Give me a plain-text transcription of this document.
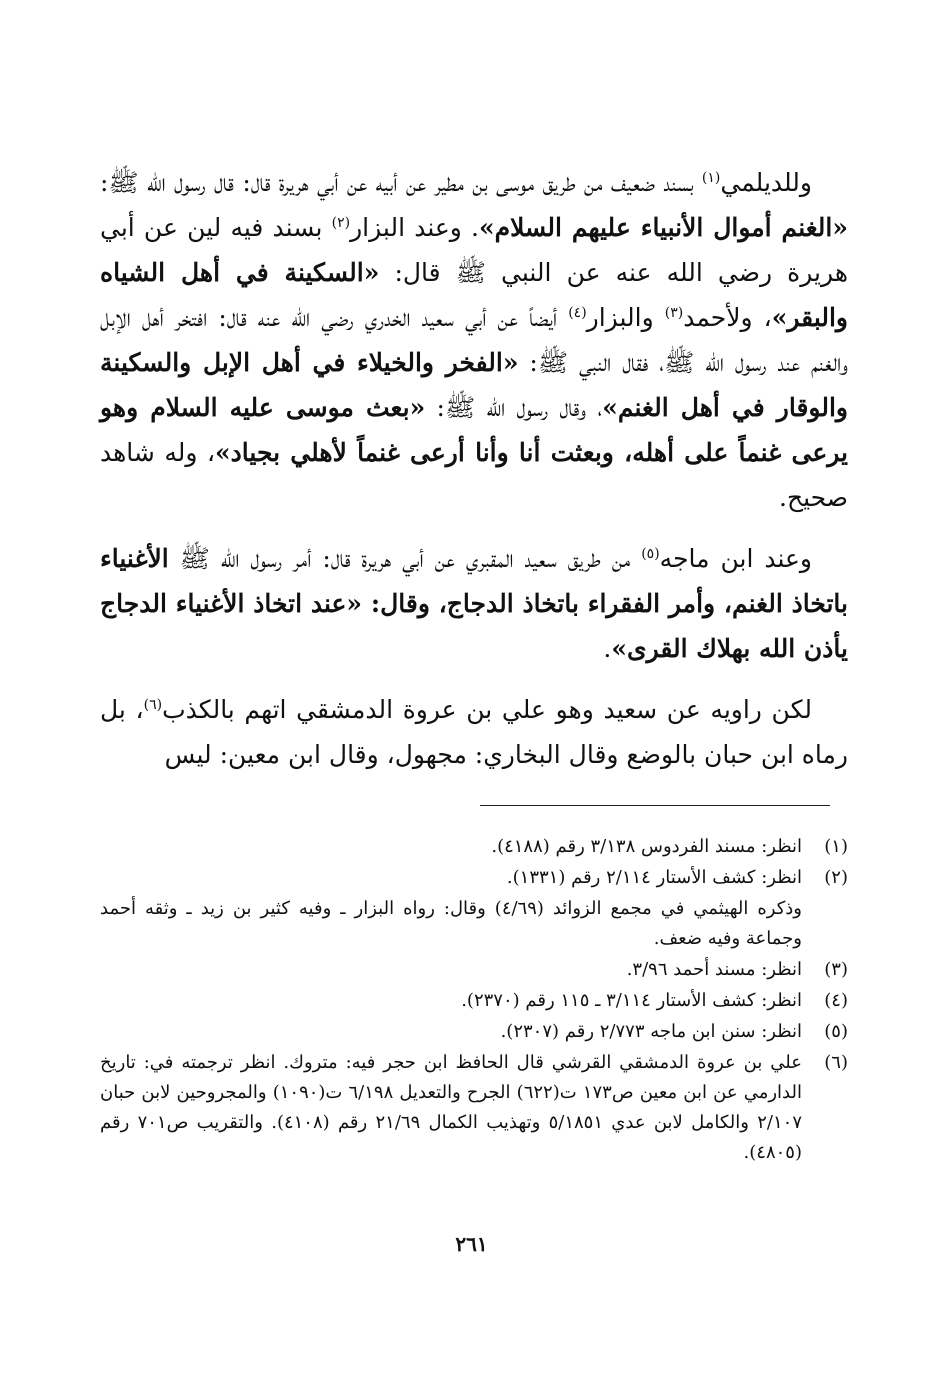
وللديلمي$^{(١)}$ بسند ضعيف من طريق موسى بن مطير عن أبيه عن أبي هريرة قال: قال رسول الله ﷺ: «الغنم أموال الأنبياء عليهم السلام». وعند البزار$^{(٢)}$ بسند فيه لين عن أبي هريرة رضي الله عنه عن النبي ﷺ قال: «السكينة في أهل الشياه والبقر»، ولأحمد$^{(٣)}$ والبزار$^{(٤)}$ أيضاً عن أبي سعيد الخدري رضي الله عنه قال: افتخر أهل الإبل والغنم عند رسول الله ﷺ، فقال النبي ﷺ: «الفخر والخيلاء في أهل الإبل والسكينة والوقار في أهل الغنم»، وقال رسول الله ﷺ: «بعث موسى عليه السلام وهو يرعى غنماً على أهله، وبعثت أنا وأنا أرعى غنماً لأهلي بجياد»، وله شاهد صحيح.

وعند ابن ماجه$^{(٥)}$ من طريق سعيد المقبري عن أبي هريرة قال: أمر رسول الله ﷺ الأغنياء باتخاذ الغنم، وأمر الفقراء باتخاذ الدجاج، وقال: «عند اتخاذ الأغنياء الدجاج يأذن الله بهلاك القرى».

لكن راويه عن سعيد وهو علي بن عروة الدمشقي اتهم بالكذب$^{(٦)}$، بل رماه ابن حبان بالوضع وقال البخاري: مجهول، وقال ابن معين: ليس

(١)
انظر: مسند الفردوس ٣/١٣٨ رقم (٤١٨٨).
(٢)
انظر: كشف الأستار ٢/١١٤ رقم (١٣٣١).
وذكره الهيثمي في مجمع الزوائد (٤/٦٩) وقال: رواه البزار ـ وفيه كثير بن زيد ـ وثقه أحمد وجماعة وفيه ضعف.
(٣)
انظر: مسند أحمد ٣/٩٦.
(٤)
انظر: كشف الأستار ٣/١١٤ ـ ١١٥ رقم (٢٣٧٠).
(٥)
انظر: سنن ابن ماجه ٢/٧٧٣ رقم (٢٣٠٧).
(٦)
علي بن عروة الدمشقي القرشي قال الحافظ ابن حجر فيه: متروك. انظر ترجمته في: تاريخ الدارمي عن ابن معين ص١٧٣ ت(٦٢٢) الجرح والتعديل ٦/١٩٨ ت(١٠٩٠) والمجروحين لابن حبان ٢/١٠٧ والكامل لابن عدي ٥/١٨٥١ وتهذيب الكمال ٢١/٦٩ رقم (٤١٠٨). والتقريب ص٧٠١ رقم (٤٨٠٥).
٢٦١
